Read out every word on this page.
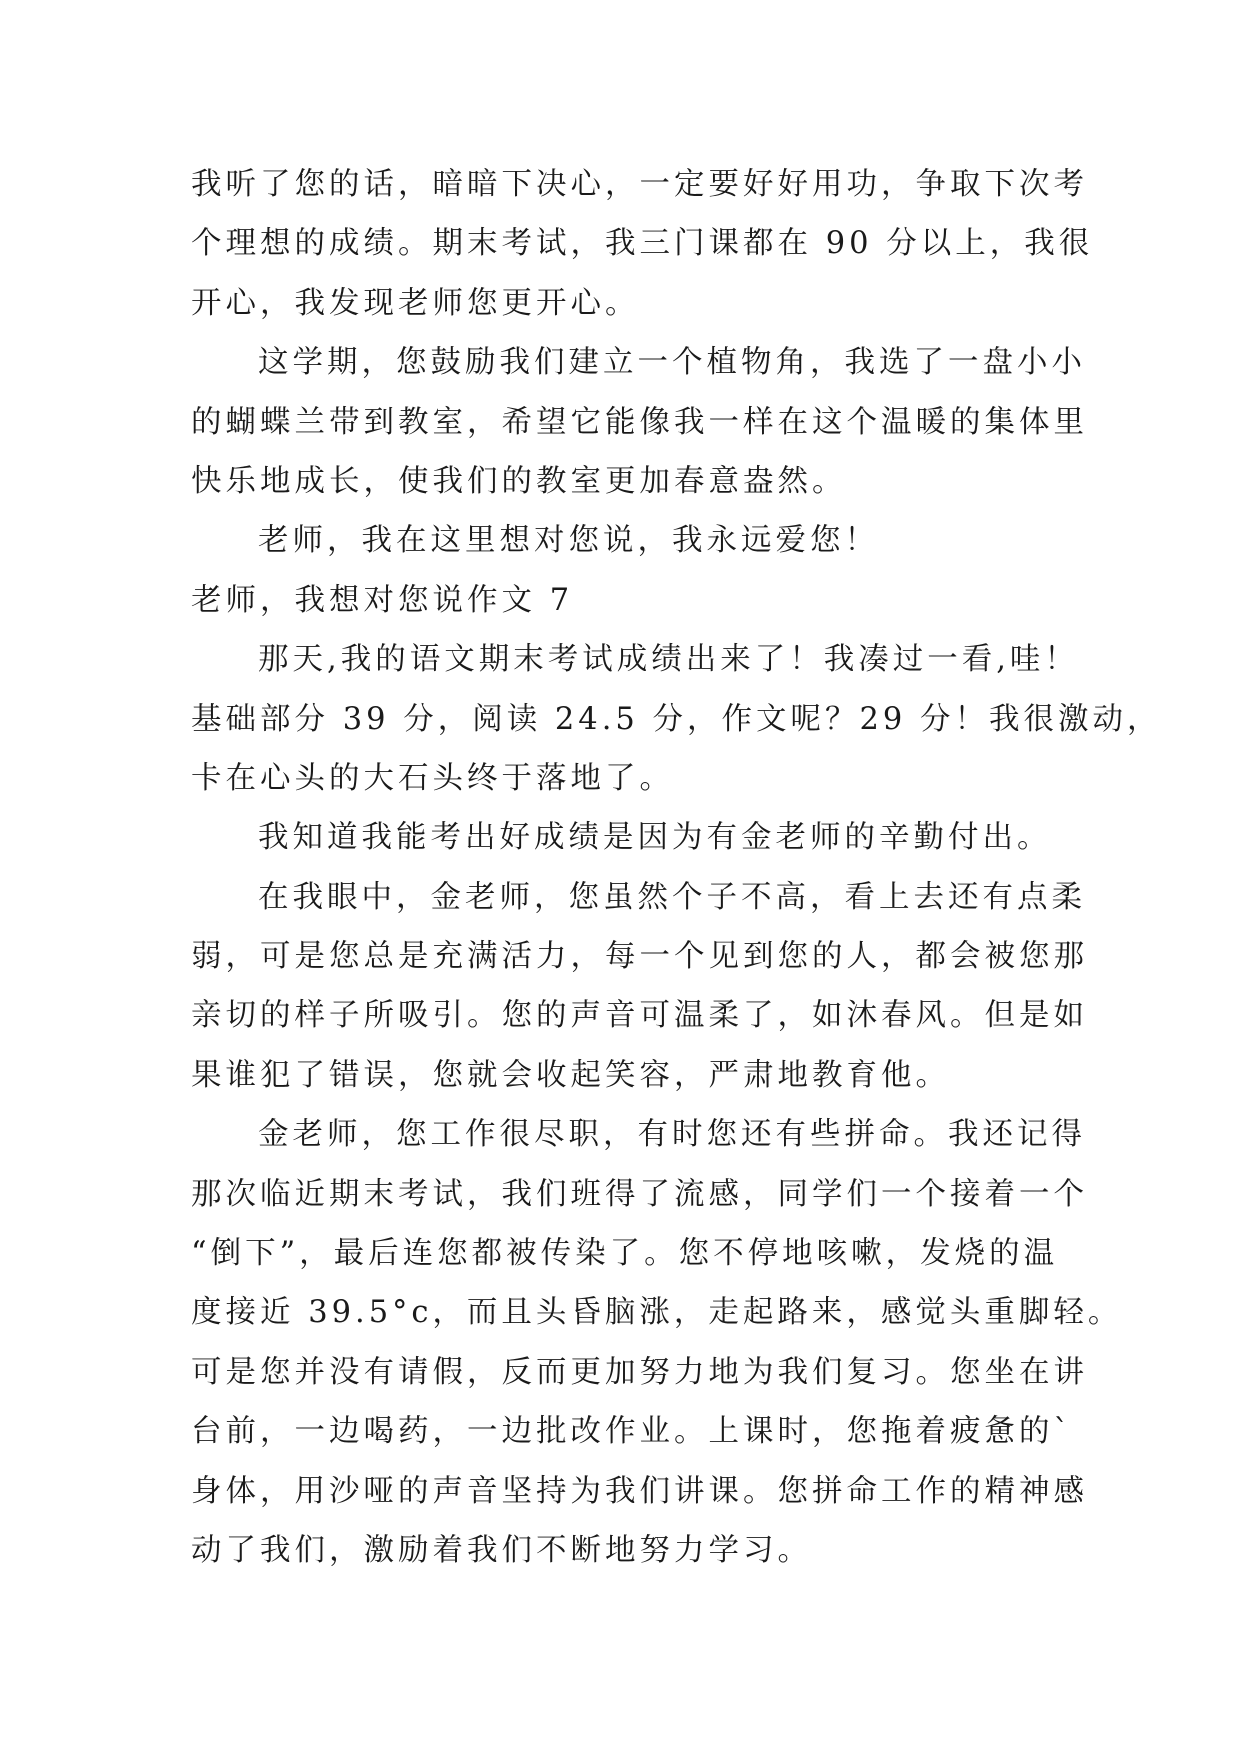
我听了您的话，暗暗下决心，一定要好好用功，争取下次考
个理想的成绩。期末考试，我三门课都在 90 分以上，我很
开心，我发现老师您更开心。
这学期，您鼓励我们建立一个植物角，我选了一盘小小
的蝴蝶兰带到教室，希望它能像我一样在这个温暖的集体里
快乐地成长，使我们的教室更加春意盎然。
老师，我在这里想对您说，我永远爱您！
老师，我想对您说作文 7
那天,我的语文期末考试成绩出来了！我凑过一看,哇！
基础部分 39 分，阅读 24.5 分，作文呢？29 分！我很激动，
卡在心头的大石头终于落地了。
我知道我能考出好成绩是因为有金老师的辛勤付出。
在我眼中，金老师，您虽然个子不高，看上去还有点柔
弱，可是您总是充满活力，每一个见到您的人，都会被您那
亲切的样子所吸引。您的声音可温柔了，如沐春风。但是如
果谁犯了错误，您就会收起笑容，严肃地教育他。
金老师，您工作很尽职，有时您还有些拼命。我还记得
那次临近期末考试，我们班得了流感，同学们一个接着一个
“倒下”，最后连您都被传染了。您不停地咳嗽，发烧的温
度接近 39.5°c，而且头昏脑涨，走起路来，感觉头重脚轻。
可是您并没有请假，反而更加努力地为我们复习。您坐在讲
台前，一边喝药，一边批改作业。上课时，您拖着疲惫的`
身体，用沙哑的声音坚持为我们讲课。您拼命工作的精神感
动了我们，激励着我们不断地努力学习。
